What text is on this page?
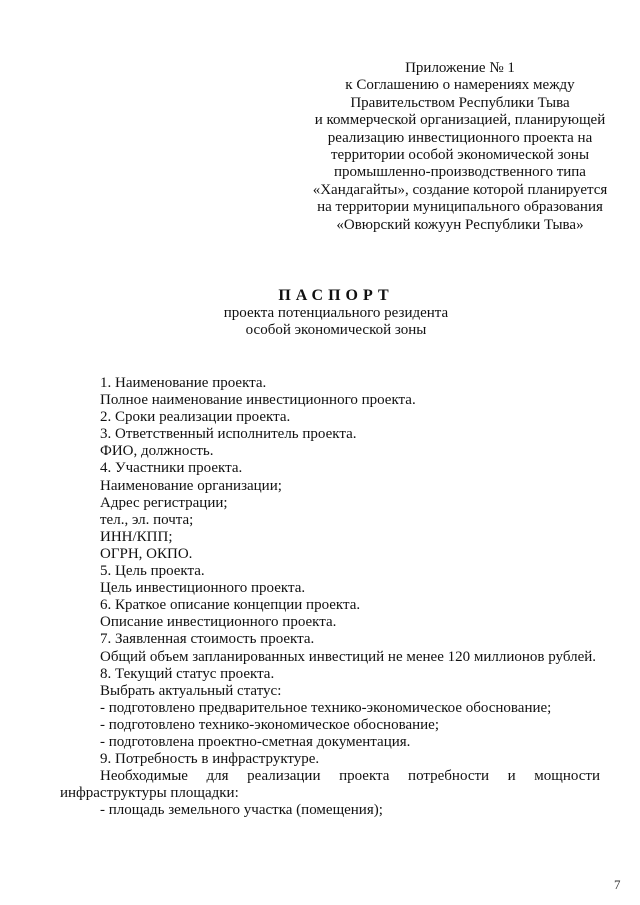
Приложение № 1
к Соглашению о намерениях между
Правительством Республики Тыва
и коммерческой организацией, планирующей
реализацию инвестиционного проекта на
территории особой экономической зоны
промышленно-производственного типа
«Хандагайты», создание которой планируется
на территории муниципального образования
«Овюрский кожуун Республики Тыва»
ПАСПОРТ
проекта потенциального резидента
особой экономической зоны
1. Наименование проекта.
Полное наименование инвестиционного проекта.
2. Сроки реализации проекта.
3. Ответственный исполнитель проекта.
ФИО, должность.
4. Участники проекта.
Наименование организации;
Адрес регистрации;
тел., эл. почта;
ИНН/КПП;
ОГРН, ОКПО.
5. Цель проекта.
Цель инвестиционного проекта.
6. Краткое описание концепции проекта.
Описание инвестиционного проекта.
7. Заявленная стоимость проекта.
Общий объем запланированных инвестиций не менее 120 миллионов рублей.
8. Текущий статус проекта.
Выбрать актуальный статус:
- подготовлено предварительное технико-экономическое обоснование;
- подготовлено технико-экономическое обоснование;
- подготовлена проектно-сметная документация.
9. Потребность в инфраструктуре.
Необходимые для реализации проекта потребности и мощности инфраструктуры площадки:
- площадь земельного участка (помещения);
7
